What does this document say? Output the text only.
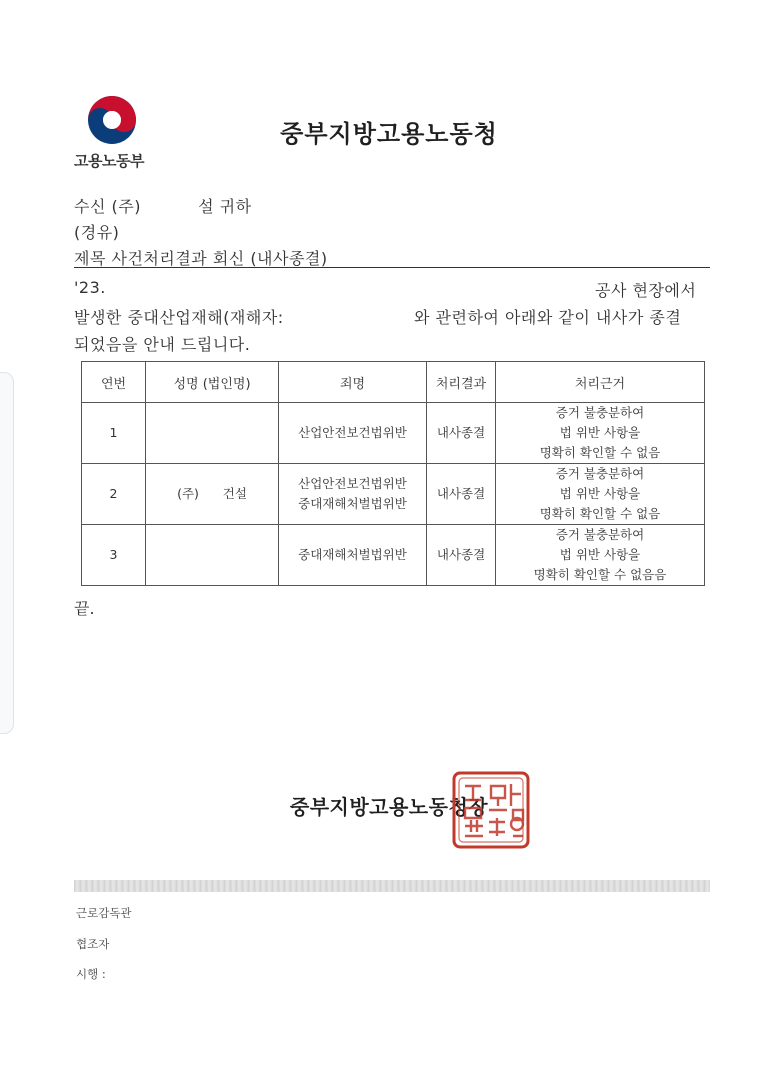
고용노동부
중부지방고용노동청
수신 (주)	설 귀하
(경유)
제목 사건처리결과 회신 (내사종결)
'23.	공사 현장에서
발생한 중대산업재해(재해자:	와 관련하여 아래와 같이 내사가 종결
되었음을 안내 드립니다.
연번	성명 (법인명)	죄명	처리결과	처리근거
1		산업안전보건법위반	내사종결	증거 불충분하여
법 위반 사항을
명확히 확인할 수 없음

2	(주)      건설	산업안전보건법위반
중대재해처벌법위반	내사종결	증거 불충분하여
법 위반 사항을
명확히 확인할 수 없음

3		중대재해처벌법위반	내사종결	증거 불충분하여
법 위반 사항을
명확히 확인할 수 없음음
끝.
중부지방고용노동청장
근로감독관
협조자
시행 :
